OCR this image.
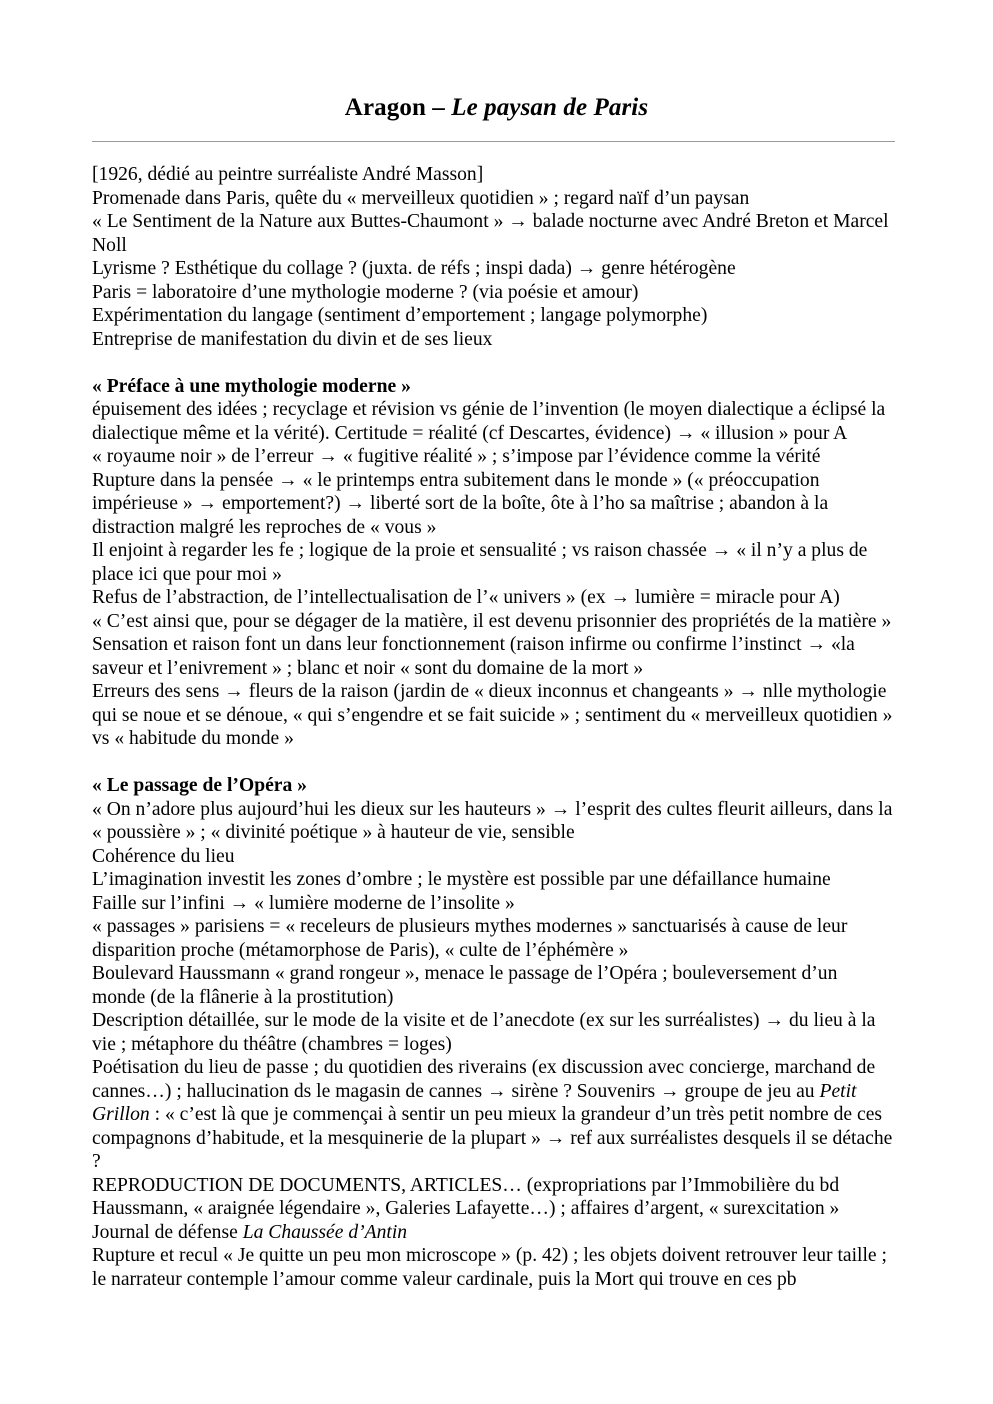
Aragon – Le paysan de Paris
[1926, dédié au peintre surréaliste André Masson]
Promenade dans Paris, quête du « merveilleux quotidien » ; regard naïf d’un paysan
« Le Sentiment de la Nature aux Buttes-Chaumont » → balade nocturne avec André Breton et Marcel Noll
Lyrisme ? Esthétique du collage ? (juxta. de réfs ; inspi dada) → genre hétérogène
Paris = laboratoire d’une mythologie moderne ? (via poésie et amour)
Expérimentation du langage (sentiment d’emportement ; langage polymorphe)
Entreprise de manifestation du divin et de ses lieux
« Préface à une mythologie moderne »
épuisement des idées ; recyclage et révision vs génie de l’invention (le moyen dialectique a éclipsé la dialectique même et la vérité). Certitude = réalité (cf Descartes, évidence) → « illusion » pour A
« royaume noir » de l’erreur → « fugitive réalité » ; s’impose par l’évidence comme la vérité
Rupture dans la pensée → « le printemps entra subitement dans le monde » (« préoccupation impérieuse » → emportement?) → liberté sort de la boîte, ôte à l’ho sa maîtrise ; abandon à la distraction malgré les reproches de « vous »
Il enjoint à regarder les fe ; logique de la proie et sensualité ; vs raison chassée → « il n’y a plus de place ici que pour moi »
Refus de l’abstraction, de l’intellectualisation de l’« univers » (ex → lumière = miracle pour A)
« C’est ainsi que, pour se dégager de la matière, il est devenu prisonnier des propriétés de la matière »
Sensation et raison font un dans leur fonctionnement (raison infirme ou confirme l’instinct → «la saveur et l’enivrement » ; blanc et noir « sont du domaine de la mort »
Erreurs des sens → fleurs de la raison (jardin de « dieux inconnus et changeants » → nlle mythologie qui se noue et se dénoue, « qui s’engendre et se fait suicide » ; sentiment du « merveilleux quotidien » vs « habitude du monde »
« Le passage de l’Opéra »
« On n’adore plus aujourd’hui les dieux sur les hauteurs » → l’esprit des cultes fleurit ailleurs, dans la « poussière » ; « divinité poétique » à hauteur de vie, sensible
Cohérence du lieu
L’imagination investit les zones d’ombre ; le mystère est possible par une défaillance humaine
Faille sur l’infini → « lumière moderne de l’insolite »
« passages » parisiens = « receleurs de plusieurs mythes modernes » sanctuarisés à cause de leur disparition proche (métamorphose de Paris), « culte de l’éphémère »
Boulevard Haussmann « grand rongeur », menace le passage de l’Opéra ; bouleversement d’un monde (de la flânerie à la prostitution)
Description détaillée, sur le mode de la visite et de l’anecdote (ex sur les surréalistes) → du lieu à la vie ; métaphore du théâtre (chambres = loges)
Poétisation du lieu de passe ; du quotidien des riverains (ex discussion avec concierge, marchand de cannes…) ; hallucination ds le magasin de cannes → sirène ? Souvenirs → groupe de jeu au Petit Grillon : « c’est là que je commençai à sentir un peu mieux la grandeur d’un très petit nombre de ces compagnons d’habitude, et la mesquinerie de la plupart » → ref aux surréalistes desquels il se détache ?
REPRODUCTION DE DOCUMENTS, ARTICLES… (expropriations par l’Immobilière du bd Haussmann, « araignée légendaire », Galeries Lafayette…) ; affaires d’argent, « surexcitation »
Journal de défense La Chaussée d’Antin
Rupture et recul « Je quitte un peu mon microscope » (p. 42) ; les objets doivent retrouver leur taille ; le narrateur contemple l’amour comme valeur cardinale, puis la Mort qui trouve en ces pb
